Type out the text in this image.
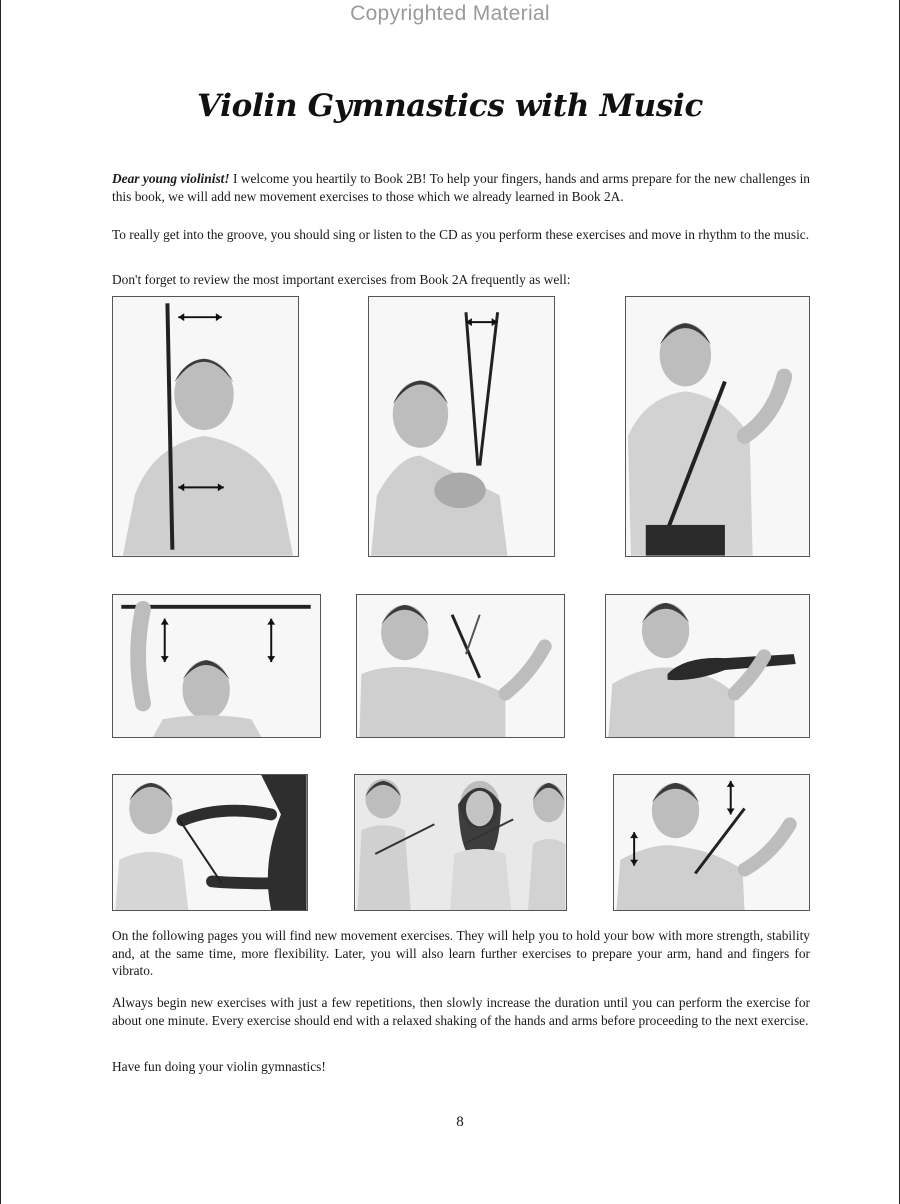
Copyrighted Material
Violin Gymnastics with Music

Dear young violinist! I welcome you heartily to Book 2B! To help your fingers, hands and arms prepare for the new challenges in this book, we will add new movement exercises to those which we already learned in Book 2A.

To really get into the groove, you should sing or listen to the CD as you perform these exercises and move in rhythm to the music.

Don't forget to review the most important exercises from Book 2A frequently as well:

On the following pages you will find new movement exercises. They will help you to hold your bow with more strength, stability and, at the same time, more flexibility. Later, you will also learn further exercises to prepare your arm, hand and fingers for vibrato.

Always begin new exercises with just a few repetitions, then slowly increase the duration until you can perform the exercise for about one minute. Every exercise should end with a relaxed shaking of the hands and arms before proceeding to the next exercise.

Have fun doing your violin gymnastics!

8
